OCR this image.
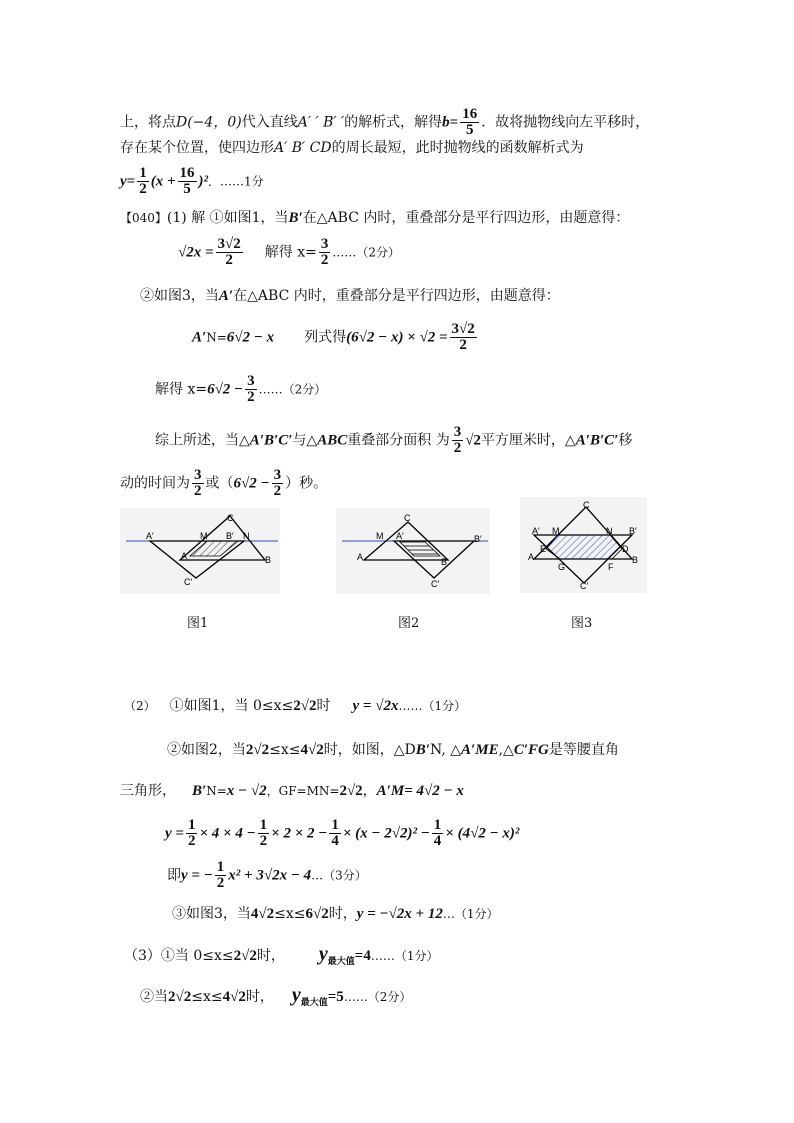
上，将点D(−4，0)代入直线A′ ′ B′ ′的解析式，解得$b= \frac{16}{5}$ ．故将抛物线向左平移时，
存在某个位置，使四边形A′ B′ CD的周长最短，此时抛物线的函数解析式为
$y= \frac{1}{2} (x + \frac{16}{5} )^2$．……1分
【040】(1) 解 ①如图1，当B′在△ABC 内时，重叠部分是平行四边形，由题意得：
$√2x = \frac{3√2}{2}$ 解得 $x= \frac{3}{2}$ ……（2分）
②如图3，当A′在△ABC 内时，重叠部分是平行四边形，由题意得：
A′N=6√2 − x 列式得$(6√2 - x) \times √2 = \frac{3√2}{2}$
解得 $x=6√2 - \frac{3}{2}$ ……（2分）
综上所述，当△A′B′C′与△ABC重叠部分面积 为 $\frac{3}{2} √2$平方厘米时，△A′B′C′移
动的时间为 $\frac{3}{2}$ 或（$6√2 - \frac{3}{2}$ ）秒。
A′	M
C
B′ N
A	B
C′
C
M A′	B′
A	B
C′
C
A′ M	N B′
E	D
A	B
G	F
C′
图1	图2	图3
（2） ①如图1，当 0≤x≤2√2时 y = √2x……（1分）
②如图2，当2√2≤x≤4√2时，如图，△DB′N, △A′ME,△C′FG是等腰直角
三角形， B′N=x − √2，GF=MN=2√2，A′M= 4√2 − x
$y = \frac{1}{2} \times 4 \times 4 - \frac{1}{2} \times 2 \times 2 - \frac{1}{4} \times (x - 2√2)^2 - \frac{1}{4} \times (4√2 - x)^2$
即y = − $\frac{1}{2} x^2 + 3√2x$ − 4…（3分）
③如图3，当4√2≤x≤6√2时，y = −√2x + 12…（1分）
（3）①当 0≤x≤2√2时， $y_{最大值}=4\dots\dots(1$分）
②当2√2≤x≤4√2时， $y_{最大值}=5\dots\dots(2$分）
